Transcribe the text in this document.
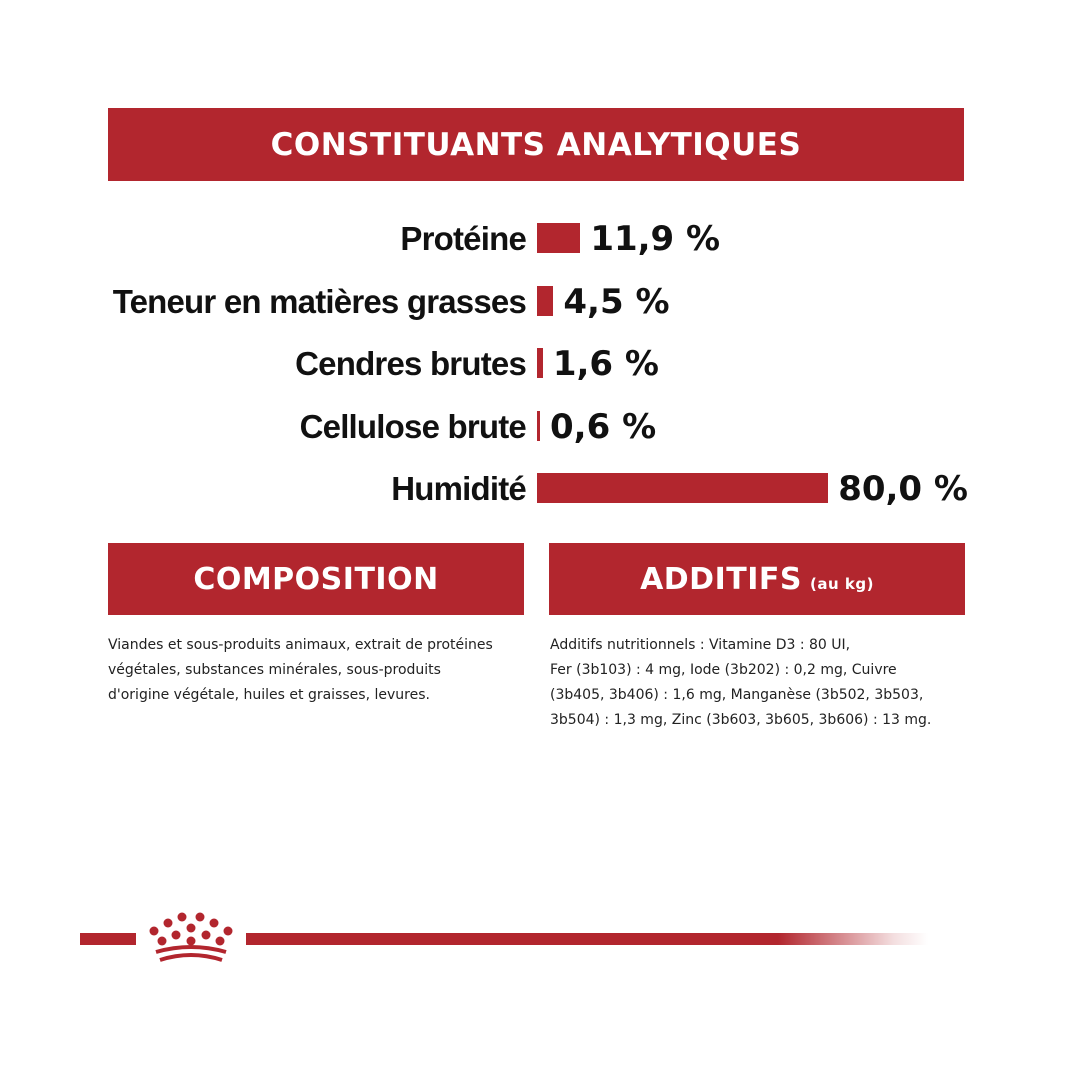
CONSTITUANTS ANALYTIQUES
Protéine 11,9 %
Teneur en matières grasses 4,5 %
Cendres brutes 1,6 %
Cellulose brute 0,6 %
Humidité	80,0 %
COMPOSITION

Viandes et sous-produits animaux, extrait de protéines
végétales, substances minérales, sous-produits
d'origine végétale, huiles et graisses, levures.

ADDITIFS (au kg)

Additifs nutritionnels : Vitamine D3 : 80 UI,
Fer (3b103) : 4 mg, Iode (3b202) : 0,2 mg, Cuivre
(3b405, 3b406) : 1,6 mg, Manganèse (3b502, 3b503,
3b504) : 1,3 mg, Zinc (3b603, 3b605, 3b606) : 13 mg.
